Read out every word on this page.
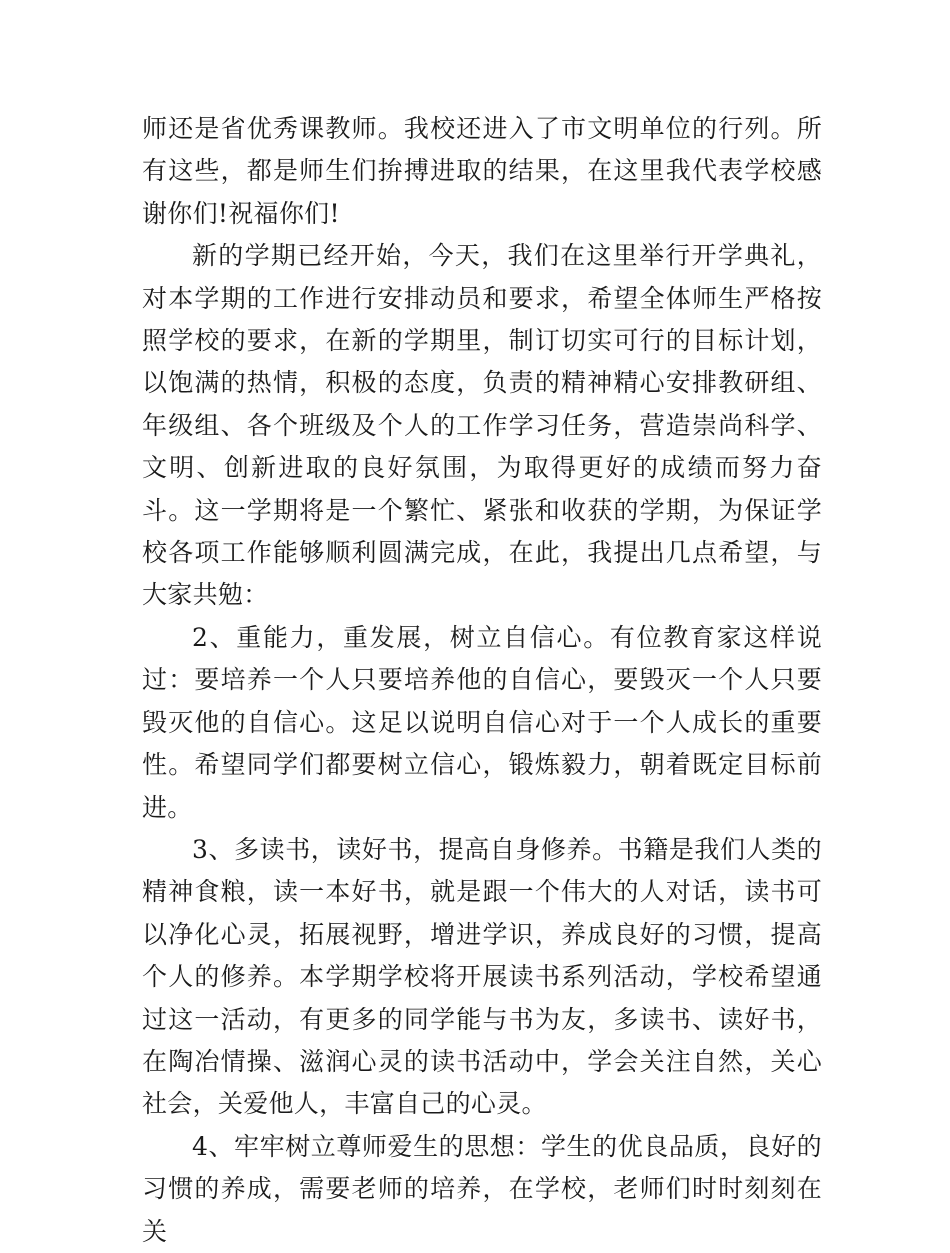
师还是省优秀课教师。我校还进入了市文明单位的行列。所有这些，都是师生们拚搏进取的结果，在这里我代表学校感谢你们!祝福你们!

新的学期已经开始，今天，我们在这里举行开学典礼，对本学期的工作进行安排动员和要求，希望全体师生严格按照学校的要求，在新的学期里，制订切实可行的目标计划，以饱满的热情，积极的态度，负责的精神精心安排教研组、年级组、各个班级及个人的工作学习任务，营造崇尚科学、文明、创新进取的良好氛围，为取得更好的成绩而努力奋斗。这一学期将是一个繁忙、紧张和收获的学期，为保证学校各项工作能够顺利圆满完成，在此，我提出几点希望，与大家共勉：

2、重能力，重发展，树立自信心。有位教育家这样说过：要培养一个人只要培养他的自信心，要毁灭一个人只要毁灭他的自信心。这足以说明自信心对于一个人成长的重要性。希望同学们都要树立信心，锻炼毅力，朝着既定目标前进。

3、多读书，读好书，提高自身修养。书籍是我们人类的精神食粮，读一本好书，就是跟一个伟大的人对话，读书可以净化心灵，拓展视野，增进学识，养成良好的习惯，提高个人的修养。本学期学校将开展读书系列活动，学校希望通过这一活动，有更多的同学能与书为友，多读书、读好书，在陶冶情操、滋润心灵的读书活动中，学会关注自然，关心社会，关爱他人，丰富自己的心灵。

4、牢牢树立尊师爱生的思想：学生的优良品质，良好的习惯的养成，需要老师的培养，在学校，老师们时时刻刻在关
